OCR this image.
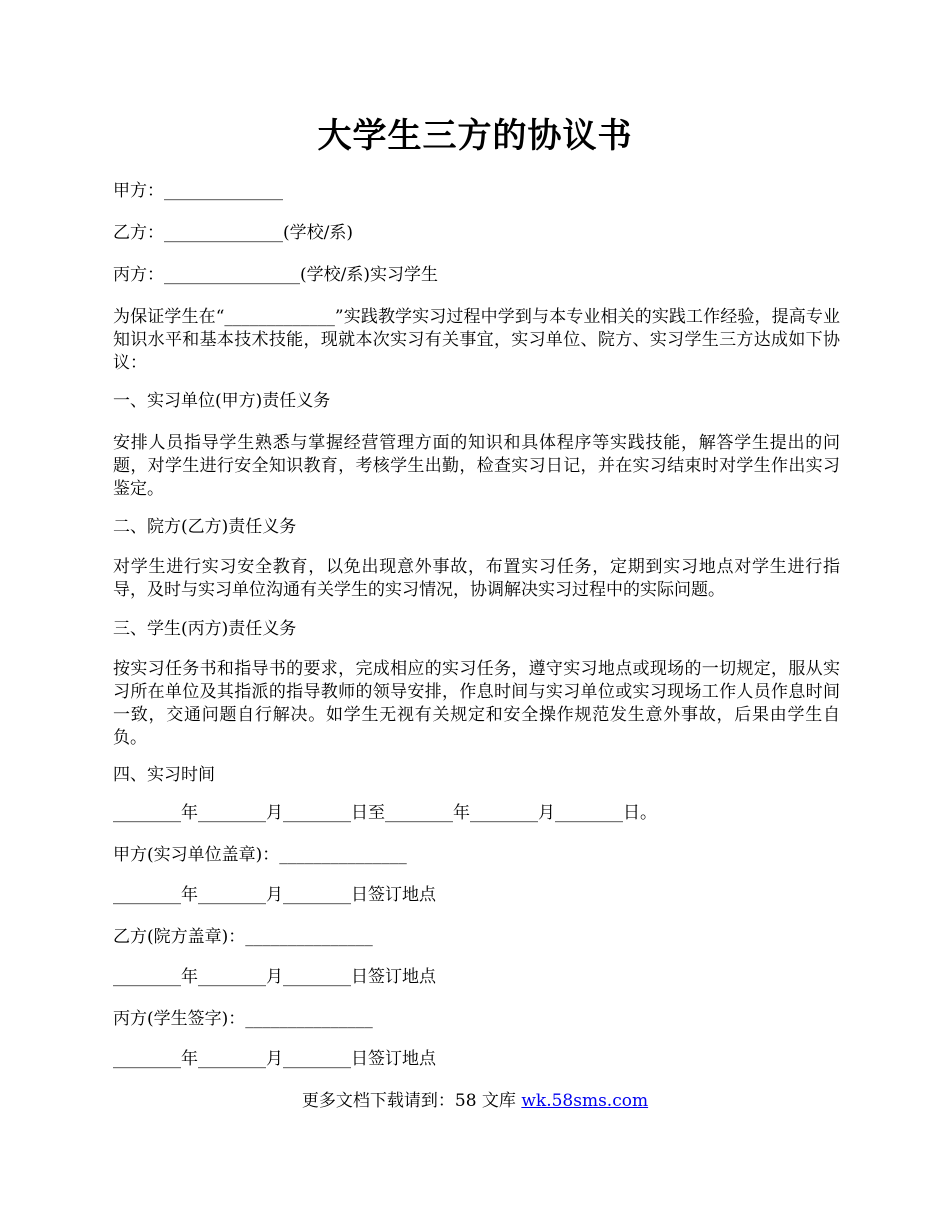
大学生三方的协议书
甲方：______________
乙方：______________(学校/系)
丙方：________________(学校/系)实习学生
为保证学生在“_____________”实践教学实习过程中学到与本专业相关的实践工作经验，提高专业知识水平和基本技术技能，现就本次实习有关事宜，实习单位、院方、实习学生三方达成如下协议：
一、实习单位(甲方)责任义务
安排人员指导学生熟悉与掌握经营管理方面的知识和具体程序等实践技能，解答学生提出的问题，对学生进行安全知识教育，考核学生出勤，检查实习日记，并在实习结束时对学生作出实习鉴定。
二、院方(乙方)责任义务
对学生进行实习安全教育，以免出现意外事故，布置实习任务，定期到实习地点对学生进行指导，及时与实习单位沟通有关学生的实习情况，协调解决实习过程中的实际问题。
三、学生(丙方)责任义务
按实习任务书和指导书的要求，完成相应的实习任务，遵守实习地点或现场的一切规定，服从实习所在单位及其指派的指导教师的领导安排，作息时间与实习单位或实习现场工作人员作息时间一致，交通问题自行解决。如学生无视有关规定和安全操作规范发生意外事故，后果由学生自负。
四、实习时间
________年________月________日至________年________月________日。
甲方(实习单位盖章)：_______________
________年________月________日签订地点
乙方(院方盖章)：_______________
________年________月________日签订地点
丙方(学生签字)：_______________
________年________月________日签订地点
更多文档下载请到：58 文库 wk.58sms.com
